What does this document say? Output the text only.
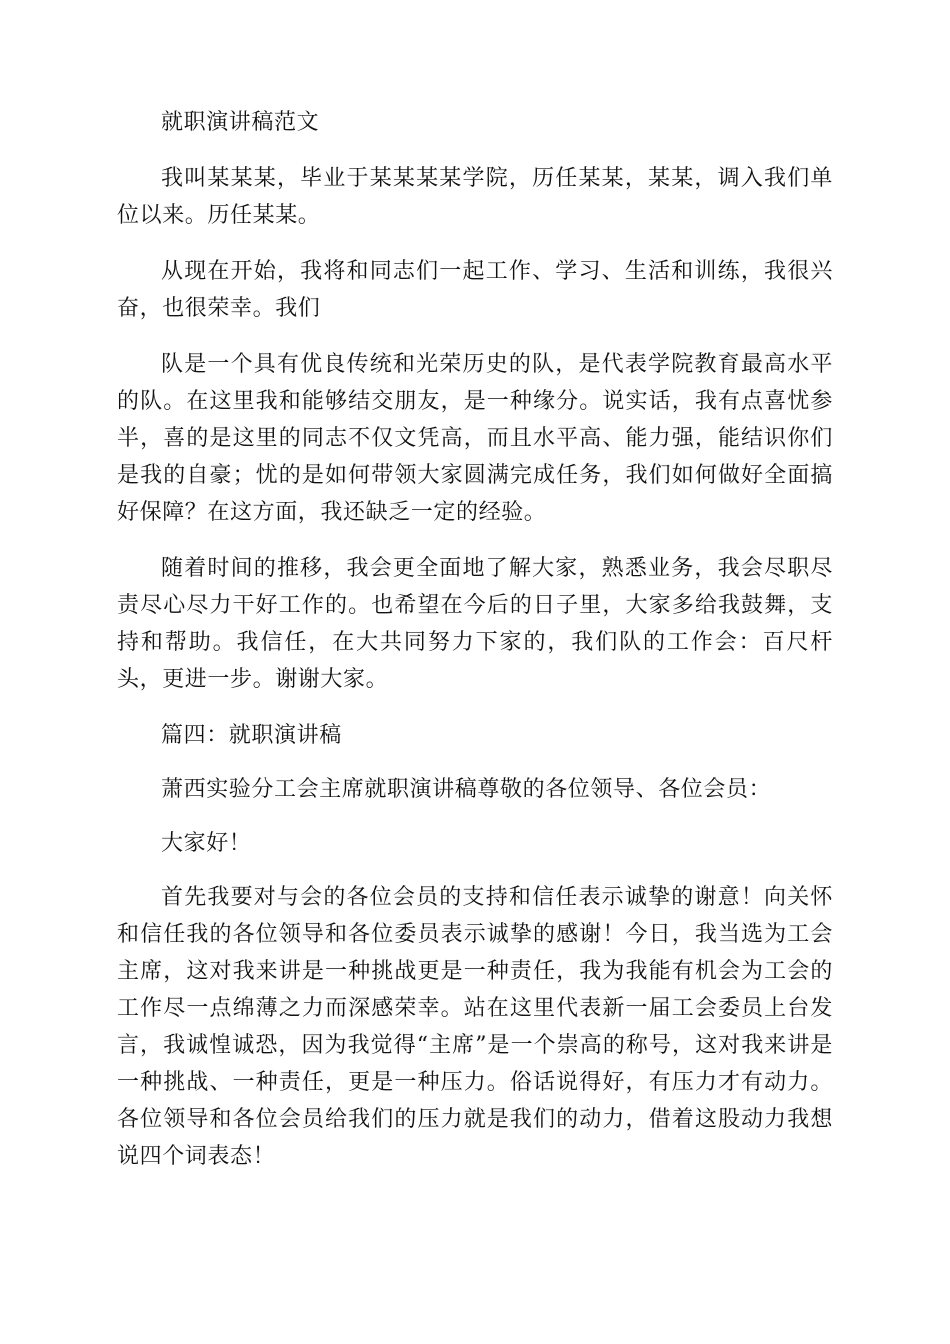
就职演讲稿范文

我叫某某某，毕业于某某某某学院，历任某某，某某，调入我们单位以来。历任某某。

从现在开始，我将和同志们一起工作、学习、生活和训练，我很兴奋，也很荣幸。我们

队是一个具有优良传统和光荣历史的队，是代表学院教育最高水平的队。在这里我和能够结交朋友，是一种缘分。说实话，我有点喜忧参半，喜的是这里的同志不仅文凭高，而且水平高、能力强，能结识你们是我的自豪；忧的是如何带领大家圆满完成任务，我们如何做好全面搞好保障？在这方面，我还缺乏一定的经验。

随着时间的推移，我会更全面地了解大家，熟悉业务，我会尽职尽责尽心尽力干好工作的。也希望在今后的日子里，大家多给我鼓舞，支持和帮助。我信任，在大共同努力下家的，我们队的工作会：百尺杆头，更进一步。谢谢大家。

篇四：就职演讲稿

萧西实验分工会主席就职演讲稿尊敬的各位领导、各位会员：

大家好！

首先我要对与会的各位会员的支持和信任表示诚挚的谢意！向关怀和信任我的各位领导和各位委员表示诚挚的感谢！今日，我当选为工会主席，这对我来讲是一种挑战更是一种责任，我为我能有机会为工会的工作尽一点绵薄之力而深感荣幸。站在这里代表新一届工会委员上台发言，我诚惶诚恐，因为我觉得“主席”是一个崇高的称号，这对我来讲是一种挑战、一种责任，更是一种压力。俗话说得好，有压力才有动力。各位领导和各位会员给我们的压力就是我们的动力，借着这股动力我想说四个词表态！
